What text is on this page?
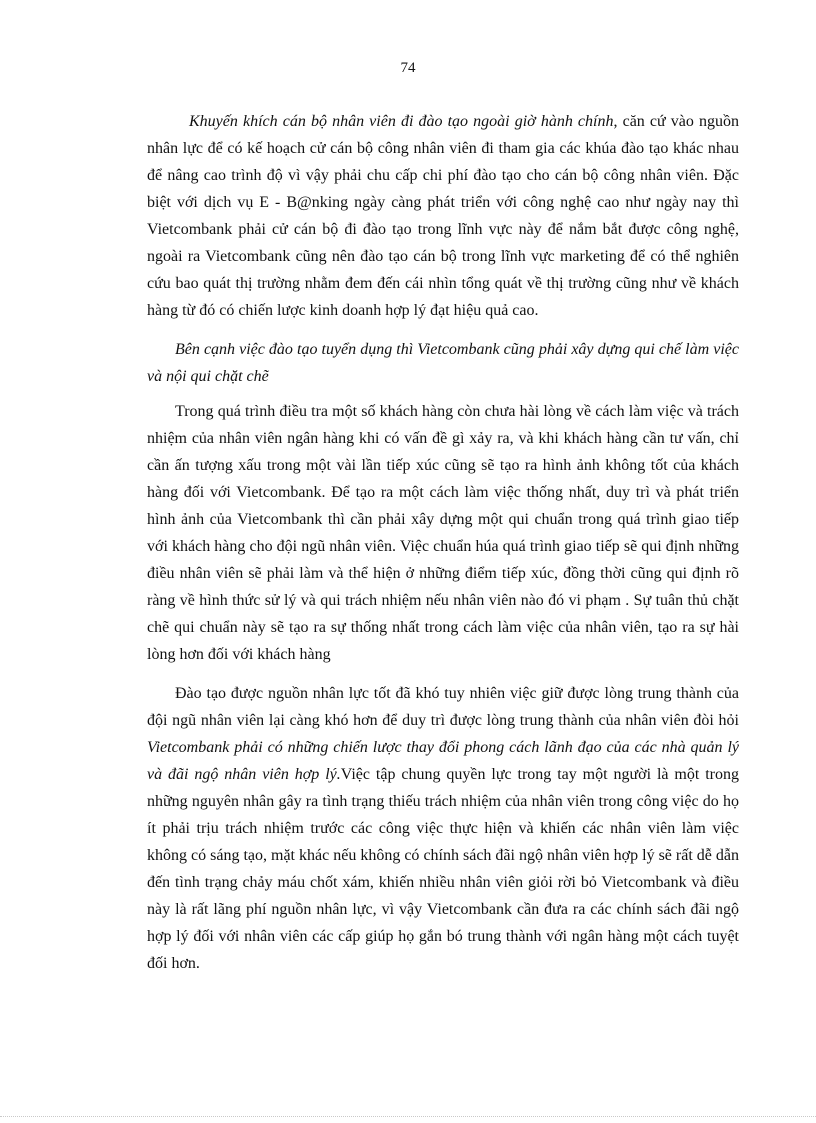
74

Khuyến khích cán bộ nhân viên đi đào tạo ngoài giờ hành chính, căn cứ vào nguồn nhân lực để có kế hoạch cử cán bộ công nhân viên đi tham gia các khúa đào tạo khác nhau để nâng cao trình độ vì vậy phải chu cấp chi phí đào tạo cho cán bộ công nhân viên. Đặc biệt với dịch vụ E - B@nking ngày càng phát triển với công nghệ cao như ngày nay thì Vietcombank phải cử cán bộ đi đào tạo trong lĩnh vực này để nắm bắt được công nghệ, ngoài ra Vietcombank cũng nên đào tạo cán bộ trong lĩnh vực marketing để có thể nghiên cứu bao quát thị trường nhằm đem đến cái nhìn tổng quát về thị trường cũng như về khách hàng từ đó có chiến lược kinh doanh hợp lý đạt hiệu quả cao.

Bên cạnh việc đào tạo tuyển dụng thì Vietcombank cũng phải xây dựng qui chế làm việc và nội qui chặt chẽ

Trong quá trình điều tra một số khách hàng còn chưa hài lòng về cách làm việc và trách nhiệm của nhân viên ngân hàng khi có vấn đề gì xảy ra, và khi khách hàng cần tư vấn, chỉ cần ấn tượng xấu trong một vài lần tiếp xúc cũng sẽ tạo ra hình ảnh không tốt của khách hàng đối với Vietcombank. Để tạo ra một cách làm việc thống nhất, duy trì và phát triển hình ảnh của Vietcombank thì cần phải xây dựng một qui chuẩn trong quá trình giao tiếp với khách hàng cho đội ngũ nhân viên. Việc chuẩn húa quá trình giao tiếp sẽ qui định những điều nhân viên sẽ phải làm và thể hiện ở những điểm tiếp xúc, đồng thời cũng qui định rõ ràng về hình thức sử lý và qui trách nhiệm nếu nhân viên nào đó vi phạm . Sự tuân thủ chặt chẽ qui chuẩn này sẽ tạo ra sự thống nhất trong cách làm việc của nhân viên, tạo ra sự hài lòng hơn đối với khách hàng

Đào tạo được nguồn nhân lực tốt đã khó tuy nhiên việc giữ được lòng trung thành của đội ngũ nhân viên lại càng khó hơn để duy trì được lòng trung thành của nhân viên đòi hỏi Vietcombank phải có những chiến lược thay đổi phong cách lãnh đạo của các nhà quản lý và đãi ngộ nhân viên hợp lý.Việc tập chung quyền lực trong tay một người là một trong những nguyên nhân gây ra tình trạng thiếu trách nhiệm của nhân viên trong công việc do họ ít phải trịu trách nhiệm trước các công việc thực hiện và khiến các nhân viên làm việc không có sáng tạo, mặt khác nếu không có chính sách đãi ngộ nhân viên hợp lý sẽ rất dễ dẫn đến tình trạng chảy máu chốt xám, khiến nhiều nhân viên giỏi rời bỏ Vietcombank và điều này là rất lãng phí nguồn nhân lực, vì vậy Vietcombank cần đưa ra các chính sách đãi ngộ hợp lý đối với nhân viên các cấp giúp họ gắn bó trung thành với ngân hàng một cách tuyệt đối hơn.
